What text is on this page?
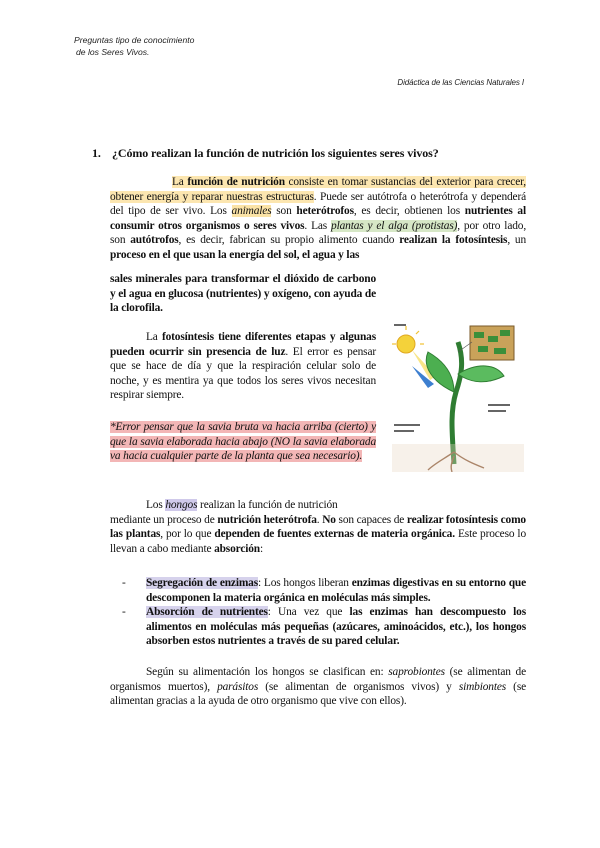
Preguntas tipo de conocimiento
de los Seres Vivos.
Didáctica de las Ciencias Naturales I
1. ¿Cómo realizan la función de nutrición los siguientes seres vivos?
La función de nutrición consiste en tomar sustancias del exterior para crecer, obtener energía y reparar nuestras estructuras. Puede ser autótrofa o heterótrofa y dependerá del tipo de ser vivo. Los animales son heterótrofos, es decir, obtienen los nutrientes al consumir otros organismos o seres vivos. Las plantas y el alga (protistas), por otro lado, son autótrofos, es decir, fabrican su propio alimento cuando realizan la fotosíntesis, un proceso en el que usan la energía del sol, el agua y las
sales minerales para transformar el dióxido de carbono y el agua en glucosa (nutrientes) y oxígeno, con ayuda de la clorofila.
La fotosíntesis tiene diferentes etapas y algunas pueden ocurrir sin presencia de luz. El error es pensar que se hace de día y que la respiración celular solo de noche, y es mentira ya que todos los seres vivos necesitan respirar siempre.
*Error pensar que la savia bruta va hacia arriba (cierto) y que la savia elaborada hacia abajo (NO la savia elaborada va hacia cualquier parte de la planta que sea necesario).
Los hongos realizan la función de nutrición
mediante un proceso de nutrición heterótrofa. No son capaces de realizar fotosíntesis como las plantas, por lo que dependen de fuentes externas de materia orgánica. Este proceso lo llevan a cabo mediante absorción:
- Segregación de enzimas: Los hongos liberan enzimas digestivas en su entorno que descomponen la materia orgánica en moléculas más simples.
- Absorción de nutrientes: Una vez que las enzimas han descompuesto los alimentos en moléculas más pequeñas (azúcares, aminoácidos, etc.), los hongos absorben estos nutrientes a través de su pared celular.
Según su alimentación los hongos se clasifican en: saprobiontes (se alimentan de organismos muertos), parásitos (se alimentan de organismos vivos) y simbiontes (se alimentan gracias a la ayuda de otro organismo que vive con ellos).
